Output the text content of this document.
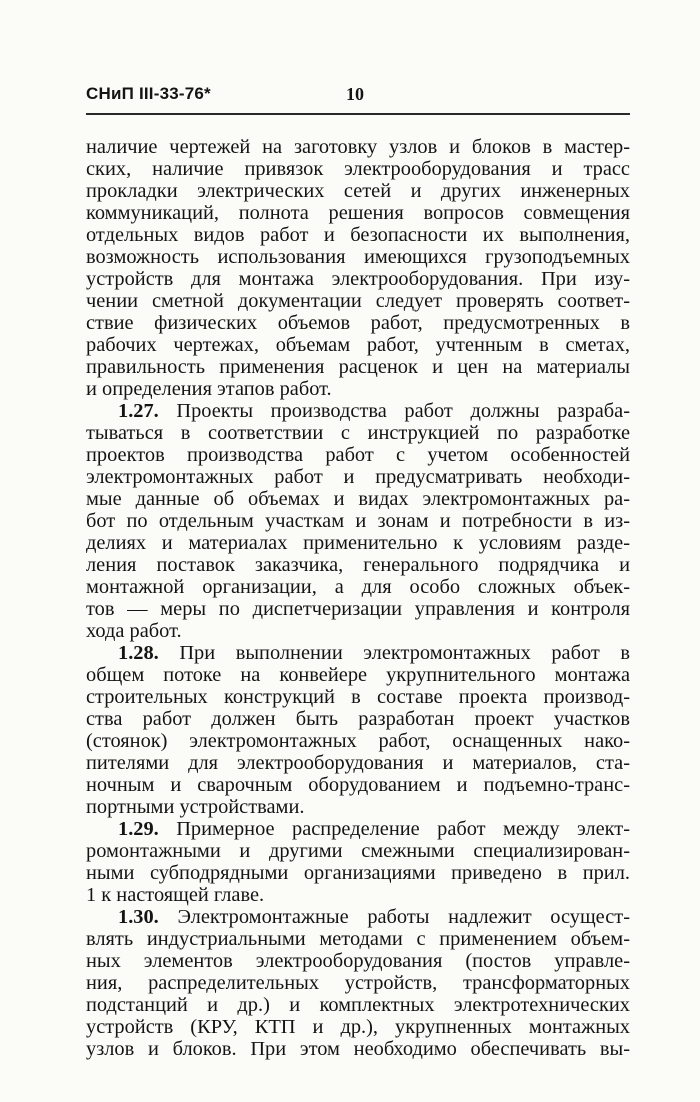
СНиП III-33-76*	10
наличие чертежей на заготовку узлов и блоков в мастер-
ских, наличие привязок электрооборудования и трасс
прокладки электрических сетей и других инженерных
коммуникаций, полнота решения вопросов совмещения
отдельных видов работ и безопасности их выполнения,
возможность использования имеющихся грузоподъемных
устройств для монтажа электрооборудования. При изу-
чении сметной документации следует проверять соответ-
ствие физических объемов работ, предусмотренных в
рабочих чертежах, объемам работ, учтенным в сметах,
правильность применения расценок и цен на материалы
и определения этапов работ.
1.27. Проекты производства работ должны разраба-
тываться в соответствии с инструкцией по разработке
проектов производства работ с учетом особенностей
электромонтажных работ и предусматривать необходи-
мые данные об объемах и видах электромонтажных ра-
бот по отдельным участкам и зонам и потребности в из-
делиях и материалах применительно к условиям разде-
ления поставок заказчика, генерального подрядчика и
монтажной организации, а для особо сложных объек-
тов — меры по диспетчеризации управления и контроля
хода работ.
1.28. При выполнении электромонтажных работ в
общем потоке на конвейере укрупнительного монтажа
строительных конструкций в составе проекта производ-
ства работ должен быть разработан проект участков
(стоянок) электромонтажных работ, оснащенных нако-
пителями для электрооборудования и материалов, ста-
ночным и сварочным оборудованием и подъемно-транс-
портными устройствами.
1.29. Примерное распределение работ между элект-
ромонтажными и другими смежными специализирован-
ными субподрядными организациями приведено в прил.
1 к настоящей главе.
1.30. Электромонтажные работы надлежит осущест-
влять индустриальными методами с применением объем-
ных элементов электрооборудования (постов управле-
ния, распределительных устройств, трансформаторных
подстанций и др.) и комплектных электротехнических
устройств (КРУ, КТП и др.), укрупненных монтажных
узлов и блоков. При этом необходимо обеспечивать вы-
